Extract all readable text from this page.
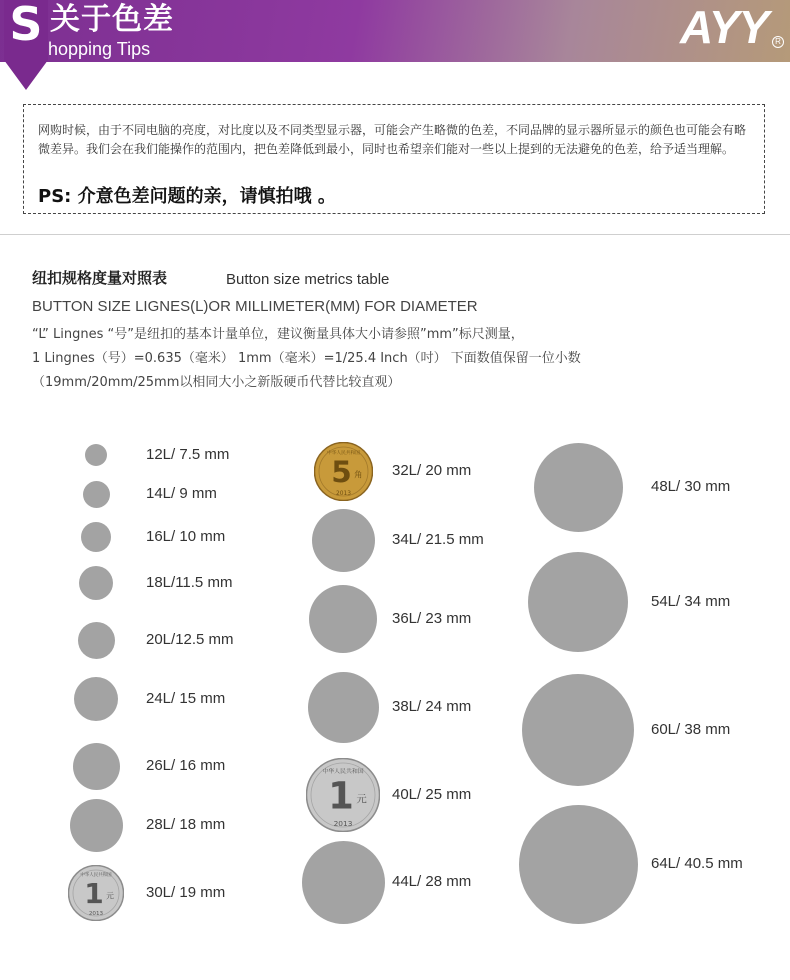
S 关于色差
hopping Tips	AYY R

网购时候，由于不同电脑的亮度，对比度以及不同类型显示器，可能会产生略微的色差，不同品牌的显示器所显示的颜色也可能会有略微差异。我们会在我们能操作的范围内，把色差降低到最小，同时也希望亲们能对一些以上提到的无法避免的色差，给予适当理解。

PS: 介意色差问题的亲，请慎拍哦 。
纽扣规格度量对照表	Button size metrics table
BUTTON SIZE LIGNES(L)OR MILLIMETER(MM) FOR DIAMETER
“L” Lingnes “号”是纽扣的基本计量单位，建议衡量具体大小请参照”mm”标尺测量，
1 Lingnes（号）=0.635（毫米） 1mm（毫米）=1/25.4 Inch（吋） 下面数值保留一位小数
（19mm/20mm/25mm以相同大小之新版硬币代替比较直观）
12L/ 7.5 mm
14L/ 9 mm
16L/ 10 mm
18L/11.5 mm
20L/12.5 mm
24L/ 15 mm
26L/ 16 mm
28L/ 18 mm
1 元
2013
中华人民共和国
30L/ 19 mm
5 角
2013
中华人民共和国
32L/ 20 mm
34L/ 21.5 mm
36L/ 23 mm
38L/ 24 mm
1 元
2013
中华人民共和国
40L/ 25 mm
44L/ 28 mm
48L/ 30 mm
54L/ 34 mm
60L/ 38 mm
64L/ 40.5 mm
